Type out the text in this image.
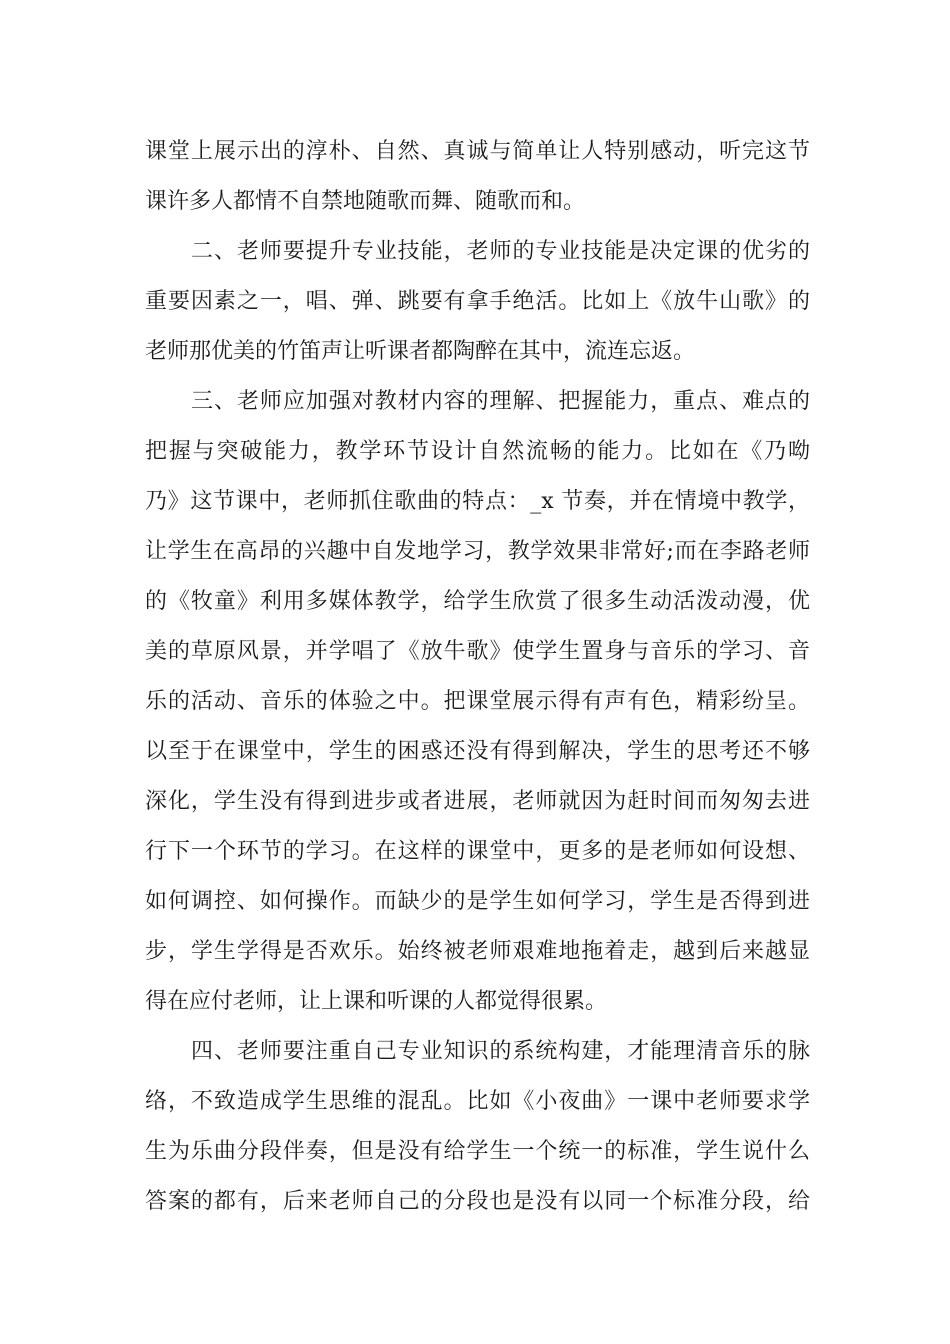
课堂上展示出的淳朴、自然、真诚与简单让人特别感动，听完这节
课许多人都情不自禁地随歌而舞、随歌而和。
二、老师要提升专业技能，老师的专业技能是决定课的优劣的
重要因素之一，唱、弹、跳要有拿手绝活。比如上《放牛山歌》的
老师那优美的竹笛声让听课者都陶醉在其中，流连忘返。
三、老师应加强对教材内容的理解、把握能力，重点、难点的
把握与突破能力，教学环节设计自然流畅的能力。比如在《乃呦
乃》这节课中，老师抓住歌曲的特点：_x 节奏，并在情境中教学，
让学生在高昂的兴趣中自发地学习，教学效果非常好;而在李路老师
的《牧童》利用多媒体教学，给学生欣赏了很多生动活泼动漫，优
美的草原风景，并学唱了《放牛歌》使学生置身与音乐的学习、音
乐的活动、音乐的体验之中。把课堂展示得有声有色，精彩纷呈。
以至于在课堂中，学生的困惑还没有得到解决，学生的思考还不够
深化，学生没有得到进步或者进展，老师就因为赶时间而匆匆去进
行下一个环节的学习。在这样的课堂中，更多的是老师如何设想、
如何调控、如何操作。而缺少的是学生如何学习，学生是否得到进
步，学生学得是否欢乐。始终被老师艰难地拖着走，越到后来越显
得在应付老师，让上课和听课的人都觉得很累。
四、老师要注重自己专业知识的系统构建，才能理清音乐的脉
络，不致造成学生思维的混乱。比如《小夜曲》一课中老师要求学
生为乐曲分段伴奏，但是没有给学生一个统一的标准，学生说什么
答案的都有，后来老师自己的分段也是没有以同一个标准分段，给
